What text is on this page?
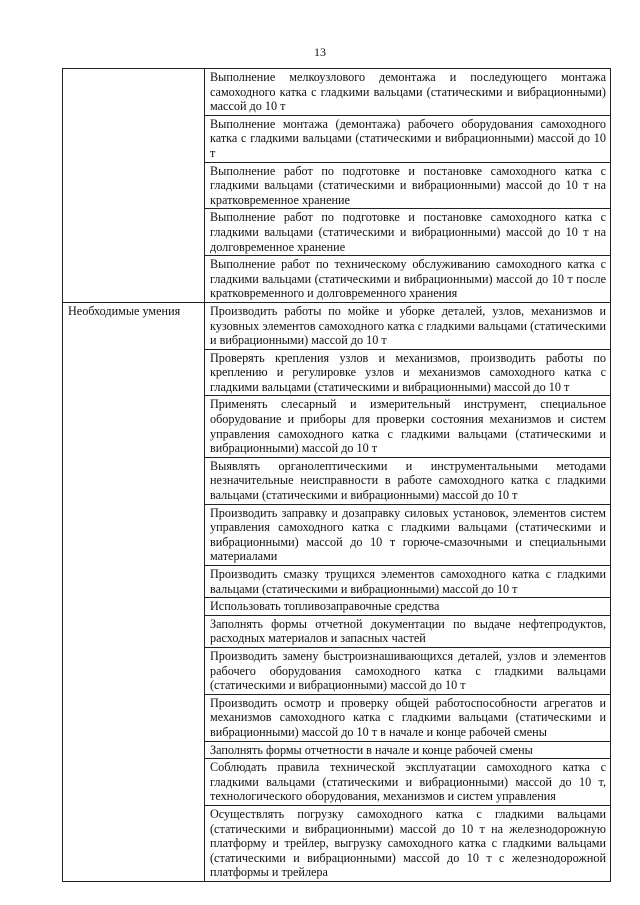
13
	Выполнение мелкоузлового демонтажа и последующего монтажа самоходного катка с гладкими вальцами (статическими и вибрационными) массой до 10 т
	Выполнение монтажа (демонтажа) рабочего оборудования самоходного катка с гладкими вальцами (статическими и вибрационными) массой до 10 т
	Выполнение работ по подготовке и постановке самоходного катка с гладкими вальцами (статическими и вибрационными) массой до 10 т на кратковременное хранение
	Выполнение работ по подготовке и постановке самоходного катка с гладкими вальцами (статическими и вибрационными) массой до 10 т на долговременное хранение
	Выполнение работ по техническому обслуживанию самоходного катка с гладкими вальцами (статическими и вибрационными) массой до 10 т после кратковременного и долговременного хранения
Необходимые умения	Производить работы по мойке и уборке деталей, узлов, механизмов и кузовных элементов самоходного катка с гладкими вальцами (статическими и вибрационными) массой до 10 т
	Проверять крепления узлов и механизмов, производить работы по креплению и регулировке узлов и механизмов самоходного катка с гладкими вальцами (статическими и вибрационными) массой до 10 т
	Применять слесарный и измерительный инструмент, специальное оборудование и приборы для проверки состояния механизмов и систем управления самоходного катка с гладкими вальцами (статическими и вибрационными) массой до 10 т
	Выявлять органолептическими и инструментальными методами незначительные неисправности в работе самоходного катка с гладкими вальцами (статическими и вибрационными) массой до 10 т
	Производить заправку и дозаправку силовых установок, элементов систем управления самоходного катка с гладкими вальцами (статическими и вибрационными) массой до 10 т горюче-смазочными и специальными материалами
	Производить смазку трущихся элементов самоходного катка с гладкими вальцами (статическими и вибрационными) массой до 10 т
	Использовать топливозаправочные средства
	Заполнять формы отчетной документации по выдаче нефтепродуктов, расходных материалов и запасных частей
	Производить замену быстроизнашивающихся деталей, узлов и элементов рабочего оборудования самоходного катка с гладкими вальцами (статическими и вибрационными) массой до 10 т
	Производить осмотр и проверку общей работоспособности агрегатов и механизмов самоходного катка с гладкими вальцами (статическими и вибрационными) массой до 10 т в начале и конце рабочей смены
	Заполнять формы отчетности в начале и конце рабочей смены
	Соблюдать правила технической эксплуатации самоходного катка с гладкими вальцами (статическими и вибрационными) массой до 10 т, технологического оборудования, механизмов и систем управления
	Осуществлять погрузку самоходного катка с гладкими вальцами (статическими и вибрационными) массой до 10 т на железнодорожную платформу и трейлер, выгрузку самоходного катка с гладкими вальцами (статическими и вибрационными) массой до 10 т с железнодорожной платформы и трейлера
